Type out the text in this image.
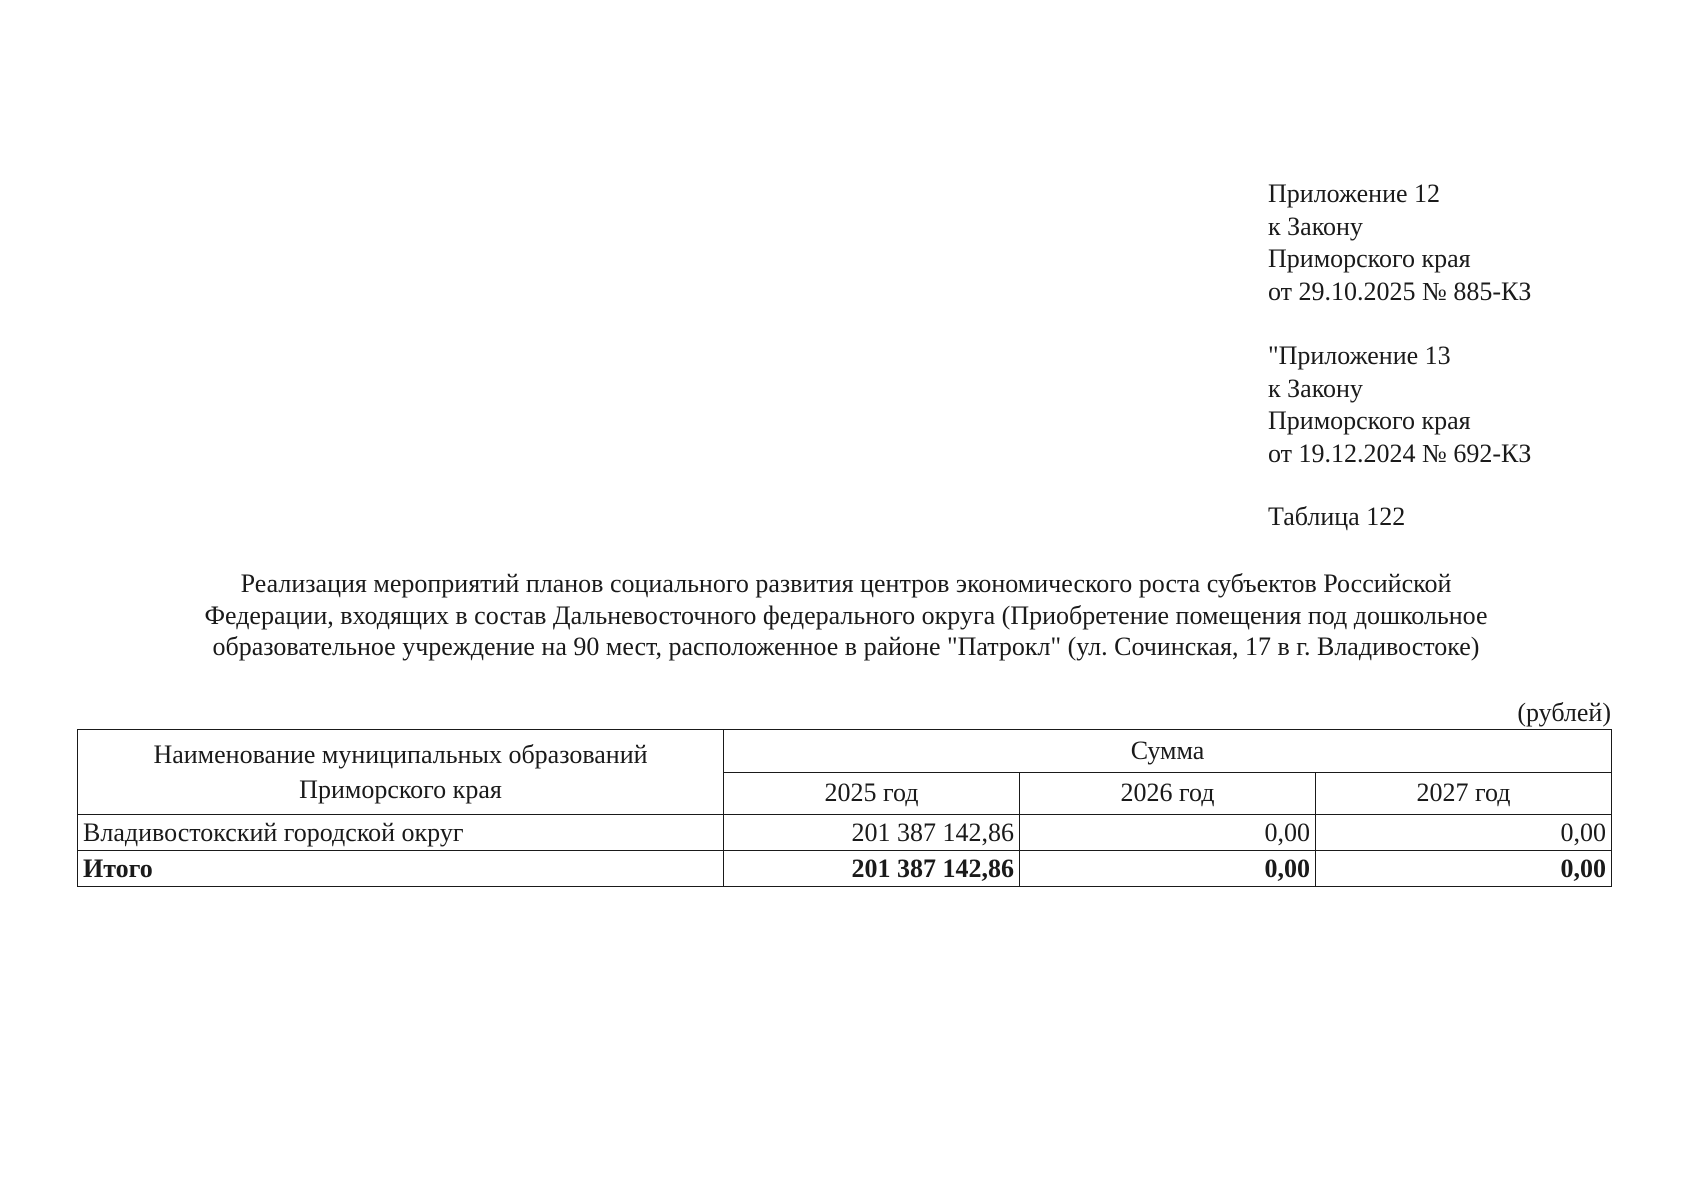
Приложение 12
к Закону
Приморского края
от 29.10.2025 № 885-КЗ
"Приложение 13
к Закону
Приморского края
от 19.12.2024 № 692-КЗ
Таблица 122
Реализация мероприятий планов социального развития центров экономического роста субъектов Российской
Федерации, входящих в состав Дальневосточного федерального округа (Приобретение помещения под дошкольное
образовательное учреждение на 90 мест, расположенное в районе "Патрокл" (ул. Сочинская, 17 в г. Владивостоке)
(рублей)
Наименование муниципальных образований
Приморского края	Сумма		
	2025 год	2026 год	2027 год
Владивостокский городской округ	201 387 142,86	0,00	0,00
Итого	201 387 142,86	0,00	0,00
